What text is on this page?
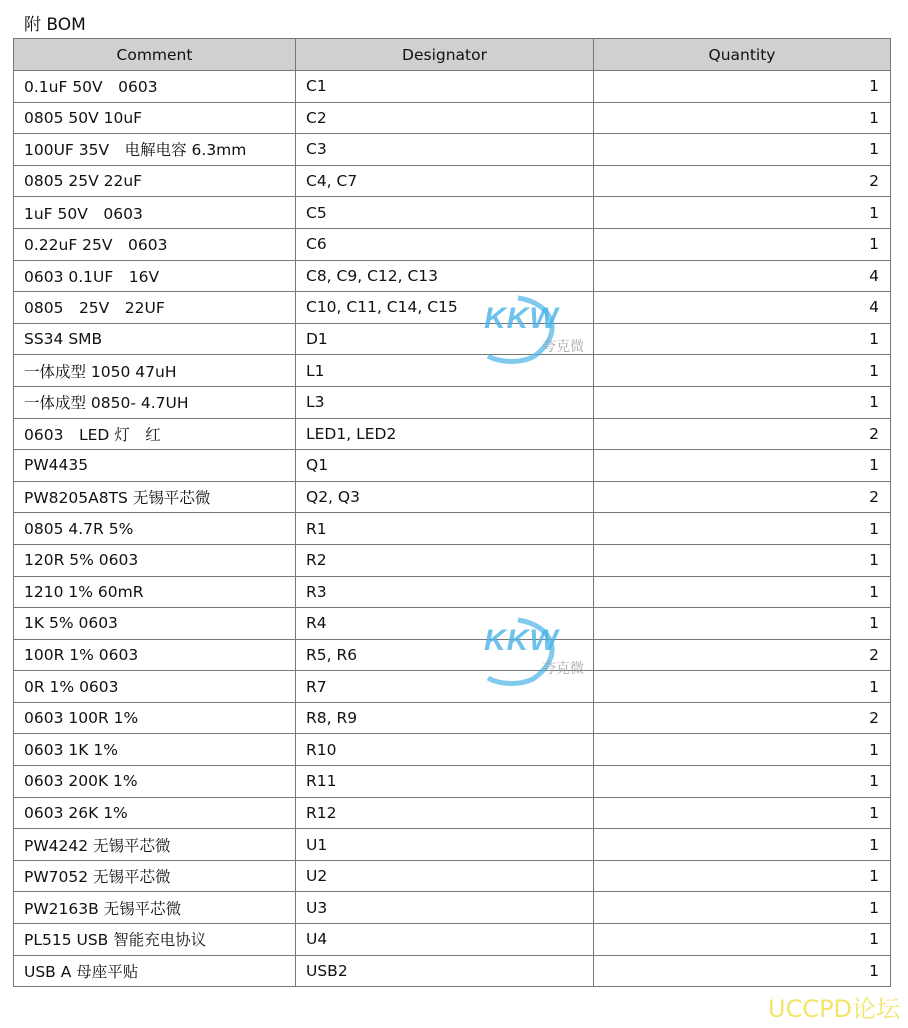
附 BOM
Comment	Designator	Quantity
0.1uF 50V　0603	C1	1
0805 50V 10uF	C2	1
100UF 35V　电解电容 6.3mm	C3	1
0805 25V 22uF	C4, C7	2
1uF 50V　0603	C5	1
0.22uF 25V　0603	C6	1
0603 0.1UF　16V	C8, C9, C12, C13	4
0805　25V　22UF	C10, C11, C14, C15	4
SS34 SMB	D1	1
一体成型 1050 47uH	L1	1
一体成型 0850- 4.7UH	L3	1
0603　LED 灯　红	LED1, LED2	2
PW4435	Q1	1
PW8205A8TS 无锡平芯微	Q2, Q3	2
0805 4.7R 5%	R1	1
120R 5% 0603	R2	1
1210 1% 60mR	R3	1
1K 5% 0603	R4	1
100R 1% 0603	R5, R6	2
0R 1% 0603	R7	1
0603 100R 1%	R8, R9	2
0603 1K 1%	R10	1
0603 200K 1%	R11	1
0603 26K 1%	R12	1
PW4242 无锡平芯微	U1	1
PW7052 无锡平芯微	U2	1
PW2163B 无锡平芯微	U3	1
PL515 USB 智能充电协议	U4	1
USB A 母座平贴	USB2	1
KKW
夸克微
KKW
夸克微
UCCPD论坛
